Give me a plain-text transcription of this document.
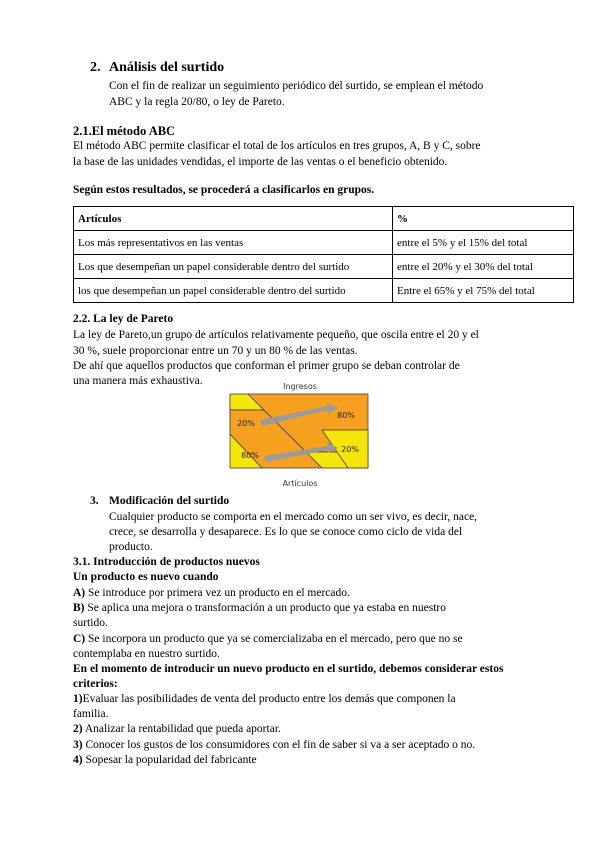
2. Análisis del surtido
Con el fin de realizar un seguimiento periódico del surtido, se emplean el método
ABC y la regla 20/80, o ley de Pareto.
2.1.El método ABC
El método ABC permite clasificar el total de los artículos en tres grupos, A, B y C, sobre
la base de las unidades vendidas, el importe de las ventas o el beneficio obtenido.
Según estos resultados, se procederá a clasificarlos en grupos.
Artículos	%
Los más representativos en las ventas	entre el 5% y el 15% del total
Los que desempeñan un papel considerable dentro del surtido	entre el 20% y el 30% del total
los que desempeñan un papel considerable dentro del surtido	Entre el 65% y el 75% del total
2.2. La ley de Pareto
La ley de Pareto,un grupo de artículos relativamente pequeño, que oscila entre el 20 y el
30 %, suele proporcionar entre un 70 y un 80 % de las ventas.
De ahí que aquellos productos que conforman el primer grupo se deban controlar de
una manera más exhaustiva.	Ingresos
20%
80%
80%
20%
Artículos
3. Modificación del surtido
Cualquier producto se comporta en el mercado como un ser vivo, es decir, nace,
crece, se desarrolla y desaparece. Es lo que se conoce como ciclo de vida del
producto.
3.1. Introducción de productos nuevos
Un producto es nuevo cuando
A) Se introduce por primera vez un producto en el mercado.
B) Se aplica una mejora o transformación a un producto que ya estaba en nuestro
surtido.
C) Se incorpora un producto que ya se comercializaba en el mercado, pero que no se
contemplaba en nuestro surtido.
En el momento de introducir un nuevo producto en el surtido, debemos considerar estos
criterios:
1)Evaluar las posibilidades de venta del producto entre los demás que componen la
familia.
2) Analizar la rentabilidad que pueda aportar.
3) Conocer los gustos de los consumidores con el fin de saber si va a ser aceptado o no.
4) Sopesar la popularidad del fabricante
